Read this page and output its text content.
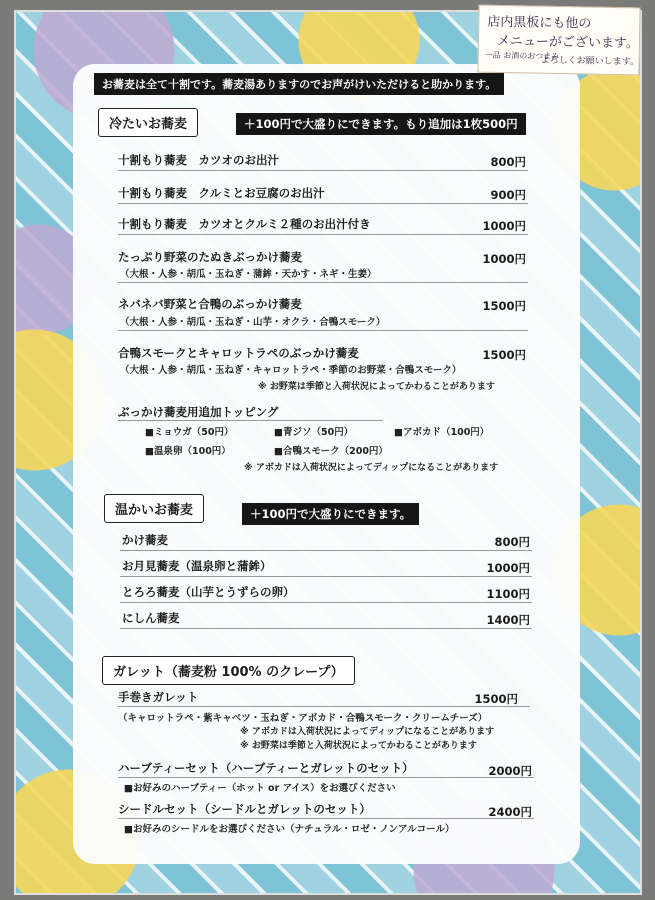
店内黒板にも他の
メニューがございます。
一品 お酒のおつまみ
よろしくお願いします。
お蕎麦は全て十割です。蕎麦湯ありますのでお声がけいただけると助かります。
冷たいお蕎麦	＋100円で大盛りにできます。もり追加は1枚500円
十割もり蕎麦　カツオのお出汁	800円
十割もり蕎麦　クルミとお豆腐のお出汁	900円
十割もり蕎麦　カツオとクルミ２種のお出汁付き	1000円
たっぷり野菜のたぬきぶっかけ蕎麦	1000円
（大根・人参・胡瓜・玉ねぎ・蒲鉾・天かす・ネギ・生姜）
ネバネバ野菜と合鴨のぶっかけ蕎麦	1500円
（大根・人参・胡瓜・玉ねぎ・山芋・オクラ・合鴨スモーク）
合鴨スモークとキャロットラペのぶっかけ蕎麦	1500円
（大根・人参・胡瓜・玉ねぎ・キャロットラペ・季節のお野菜・合鴨スモーク）
※ お野菜は季節と入荷状況によってかわることがあります
ぶっかけ蕎麦用追加トッピング
■ミョウガ（50円）	■青ジソ（50円）	■アボカド（100円）
■温泉卵（100円）	■合鴨スモーク（200円）
※ アボカドは入荷状況によってディップになることがあります
温かいお蕎麦	＋100円で大盛りにできます。
かけ蕎麦	800円
お月見蕎麦（温泉卵と蒲鉾）	1000円
とろろ蕎麦（山芋とうずらの卵）	1100円
にしん蕎麦	1400円
ガレット（蕎麦粉 100% のクレープ）
手巻きガレット	1500円
（キャロットラペ・紫キャベツ・玉ねぎ・アボカド・合鴨スモーク・クリームチーズ）
※ アボカドは入荷状況によってディップになることがあります
※ お野菜は季節と入荷状況によってかわることがあります
ハーブティーセット（ハーブティーとガレットのセット）	2000円
■お好みのハーブティー（ホット or アイス）をお選びください
シードルセット（シードルとガレットのセット）	2400円
■お好みのシードルをお選びください（ナチュラル・ロゼ・ノンアルコール）
